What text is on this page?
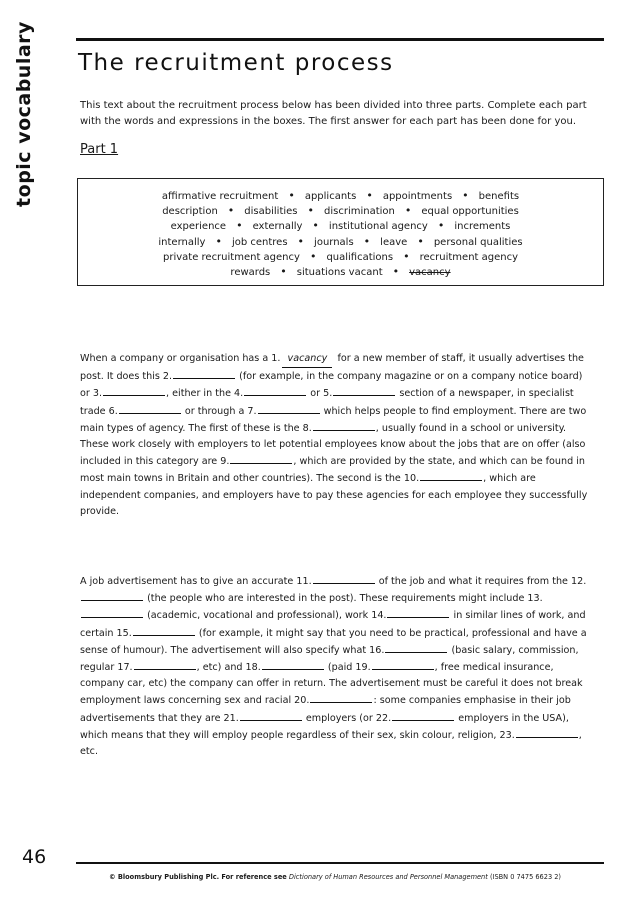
topic vocabulary The recruitment process

This text about the recruitment process below has been divided into three parts. Complete each part with the words and expressions in the boxes. The first answer for each part has been done for you.

Part 1
affirmative recruitment • applicants • appointments • benefits
description • disabilities • discrimination • equal opportunities
experience • externally • institutional agency • increments
internally • job centres • journals • leave • personal qualities
private recruitment agency • qualifications • recruitment agency
rewards • situations vacant • vacancy

When a company or organisation has a 1. vacancy for a new member of staff, it usually advertises the post. It does this 2.	(for example, in the company magazine or on a company notice board) or 3.	, either in the 4.	or 5.	section of a newspaper, in specialist trade 6.	or through a 7.	which helps people to find employment. There are two main types of agency. The first of these is the 8.	, usually found in a school or university. These work closely with employers to let potential employees know about the jobs that are on offer (also included in this category are 9.	, which are provided by the state, and which can be found in most main towns in Britain and other countries). The second is the 10.	, which are independent companies, and employers have to pay these agencies for each employee they successfully provide.

A job advertisement has to give an accurate 11.	of the job and what it requires from the 12. (the people who are interested in the post). These requirements might include 13. (academic, vocational and professional), work 14.	in similar lines of work, and certain 15.	(for example, it might say that you need to be practical, professional and have a sense of humour). The advertisement will also specify what 16.	(basic salary, commission, regular 17.	, etc) and 18.	(paid 19.	, free medical insurance, company car, etc) the company can offer in return. The advertisement must be careful it does not break employment laws concerning sex and racial 20.	: some companies emphasise in their job advertisements that they are 21.	employers (or 22.	employers in the USA), which means that they will employ people regardless of their sex, skin colour, religion, 23.	, etc.

46
© Bloomsbury Publishing Plc. For reference see Dictionary of Human Resources and Personnel Management (ISBN 0 7475 6623 2)
